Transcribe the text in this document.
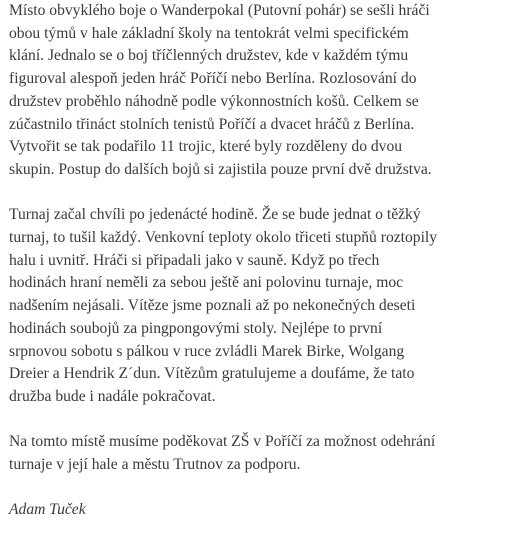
Místo obvyklého boje o Wanderpokal (Putovní pohár) se sešli hráči
obou týmů v hale základní školy na tentokrát velmi specifickém
klání. Jednalo se o boj tříčlenných družstev, kde v každém týmu
figuroval alespoň jeden hráč Poříčí nebo Berlína. Rozlosování do
družstev proběhlo náhodně podle výkonnostních košů. Celkem se
zúčastnilo třináct stolních tenistů Poříčí a dvacet hráčů z Berlína.
Vytvořit se tak podařilo 11 trojic, které byly rozděleny do dvou
skupin. Postup do dalších bojů si zajistila pouze první dvě družstva.
Turnaj začal chvíli po jedenácté hodině. Že se bude jednat o těžký
turnaj, to tušil každý. Venkovní teploty okolo třiceti stupňů roztopily
halu i uvnitř. Hráči si připadali jako v sauně. Když po třech
hodinách hraní neměli za sebou ještě ani polovinu turnaje, moc
nadšením nejásali. Vítěze jsme poznali až po nekonečných deseti
hodinách soubojů za pingpongovými stoly. Nejlépe to první
srpnovou sobotu s pálkou v ruce zvládli Marek Birke, Wolgang
Dreier a Hendrik Z´dun. Vítězům gratulujeme a doufáme, že tato
družba bude i nadále pokračovat.
Na tomto místě musíme poděkovat ZŠ v Poříčí za možnost odehrání
turnaje v její hale a městu Trutnov za podporu.
Adam Tuček
